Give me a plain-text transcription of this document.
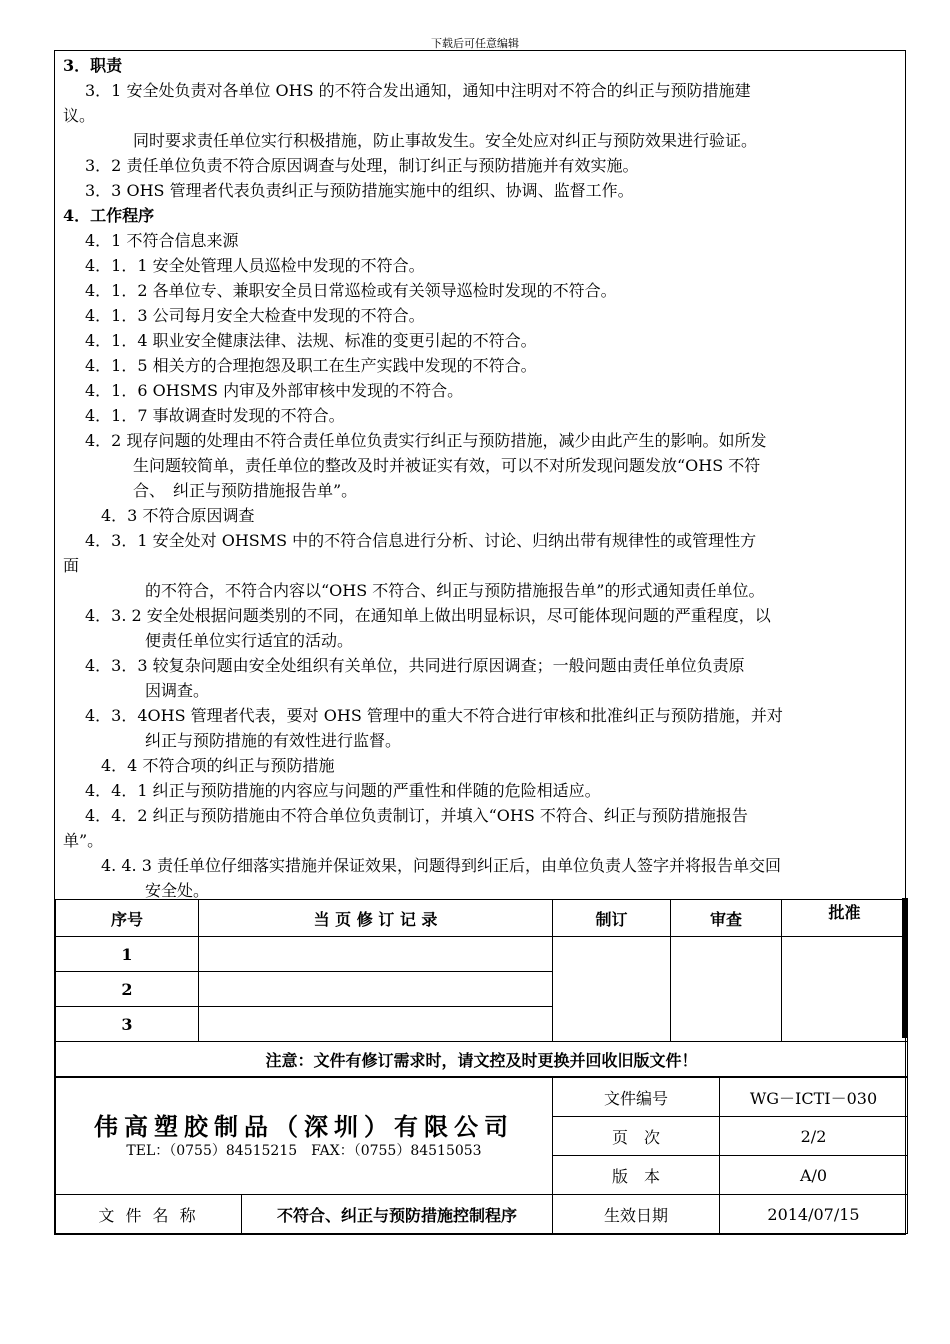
下载后可任意编辑
3．职责
3．1 安全处负责对各单位 OHS 的不符合发出通知，通知中注明对不符合的纠正与预防措施建
议。
同时要求责任单位实行积极措施，防止事故发生。安全处应对纠正与预防效果进行验证。
3．2 责任单位负责不符合原因调查与处理，制订纠正与预防措施并有效实施。
3．3 OHS 管理者代表负责纠正与预防措施实施中的组织、协调、监督工作。
4．工作程序
4．1 不符合信息来源
4．1．1 安全处管理人员巡检中发现的不符合。
4．1．2 各单位专、兼职安全员日常巡检或有关领导巡检时发现的不符合。
4．1．3 公司每月安全大检查中发现的不符合。
4．1．4 职业安全健康法律、法规、标准的变更引起的不符合。
4．1．5 相关方的合理抱怨及职工在生产实践中发现的不符合。
4．1．6 OHSMS 内审及外部审核中发现的不符合。
4．1．7 事故调查时发现的不符合。
4．2 现存问题的处理由不符合责任单位负责实行纠正与预防措施，减少由此产生的影响。如所发
生问题较简单，责任单位的整改及时并被证实有效，可以不对所发现问题发放“OHS 不符
合、　纠正与预防措施报告单”。
　4．3 不符合原因调查
4．3．1 安全处对 OHSMS 中的不符合信息进行分析、讨论、归纳出带有规律性的或管理性方
面
的不符合，不符合内容以“OHS 不符合、纠正与预防措施报告单”的形式通知责任单位。
4．3. 2 安全处根据问题类别的不同，在通知单上做出明显标识，尽可能体现问题的严重程度，以
便责任单位实行适宜的活动。
4．3．3 较复杂问题由安全处组织有关单位，共同进行原因调查；一般问题由责任单位负责原
因调查。
4．3．4OHS 管理者代表，要对 OHS 管理中的重大不符合进行审核和批准纠正与预防措施，并对
纠正与预防措施的有效性进行监督。
　4．4 不符合项的纠正与预防措施
4．4．1 纠正与预防措施的内容应与问题的严重性和伴随的危险相适应。
4．4．2 纠正与预防措施由不符合单位负责制订，并填入“OHS 不符合、纠正与预防措施报告
单”。
　4. 4. 3 责任单位仔细落实措施并保证效果，问题得到纠正后，由单位负责人签字并将报告单交回
安全处。
序号	当 页 修 订 记 录	制订	审查	批准
1				
2				
3				
注意：文件有修订需求时，请文控及时更换并回收旧版文件！				
伟高塑胶制品（深圳）有限公司
TEL：（0755）84515215　FAX：（0755）84515053		文件编号	WG－ICTI－030
		页　次	2/2
		版　本	A/0
文 件 名 称	不符合、纠正与预防措施控制程序	生效日期	2014/07/15
